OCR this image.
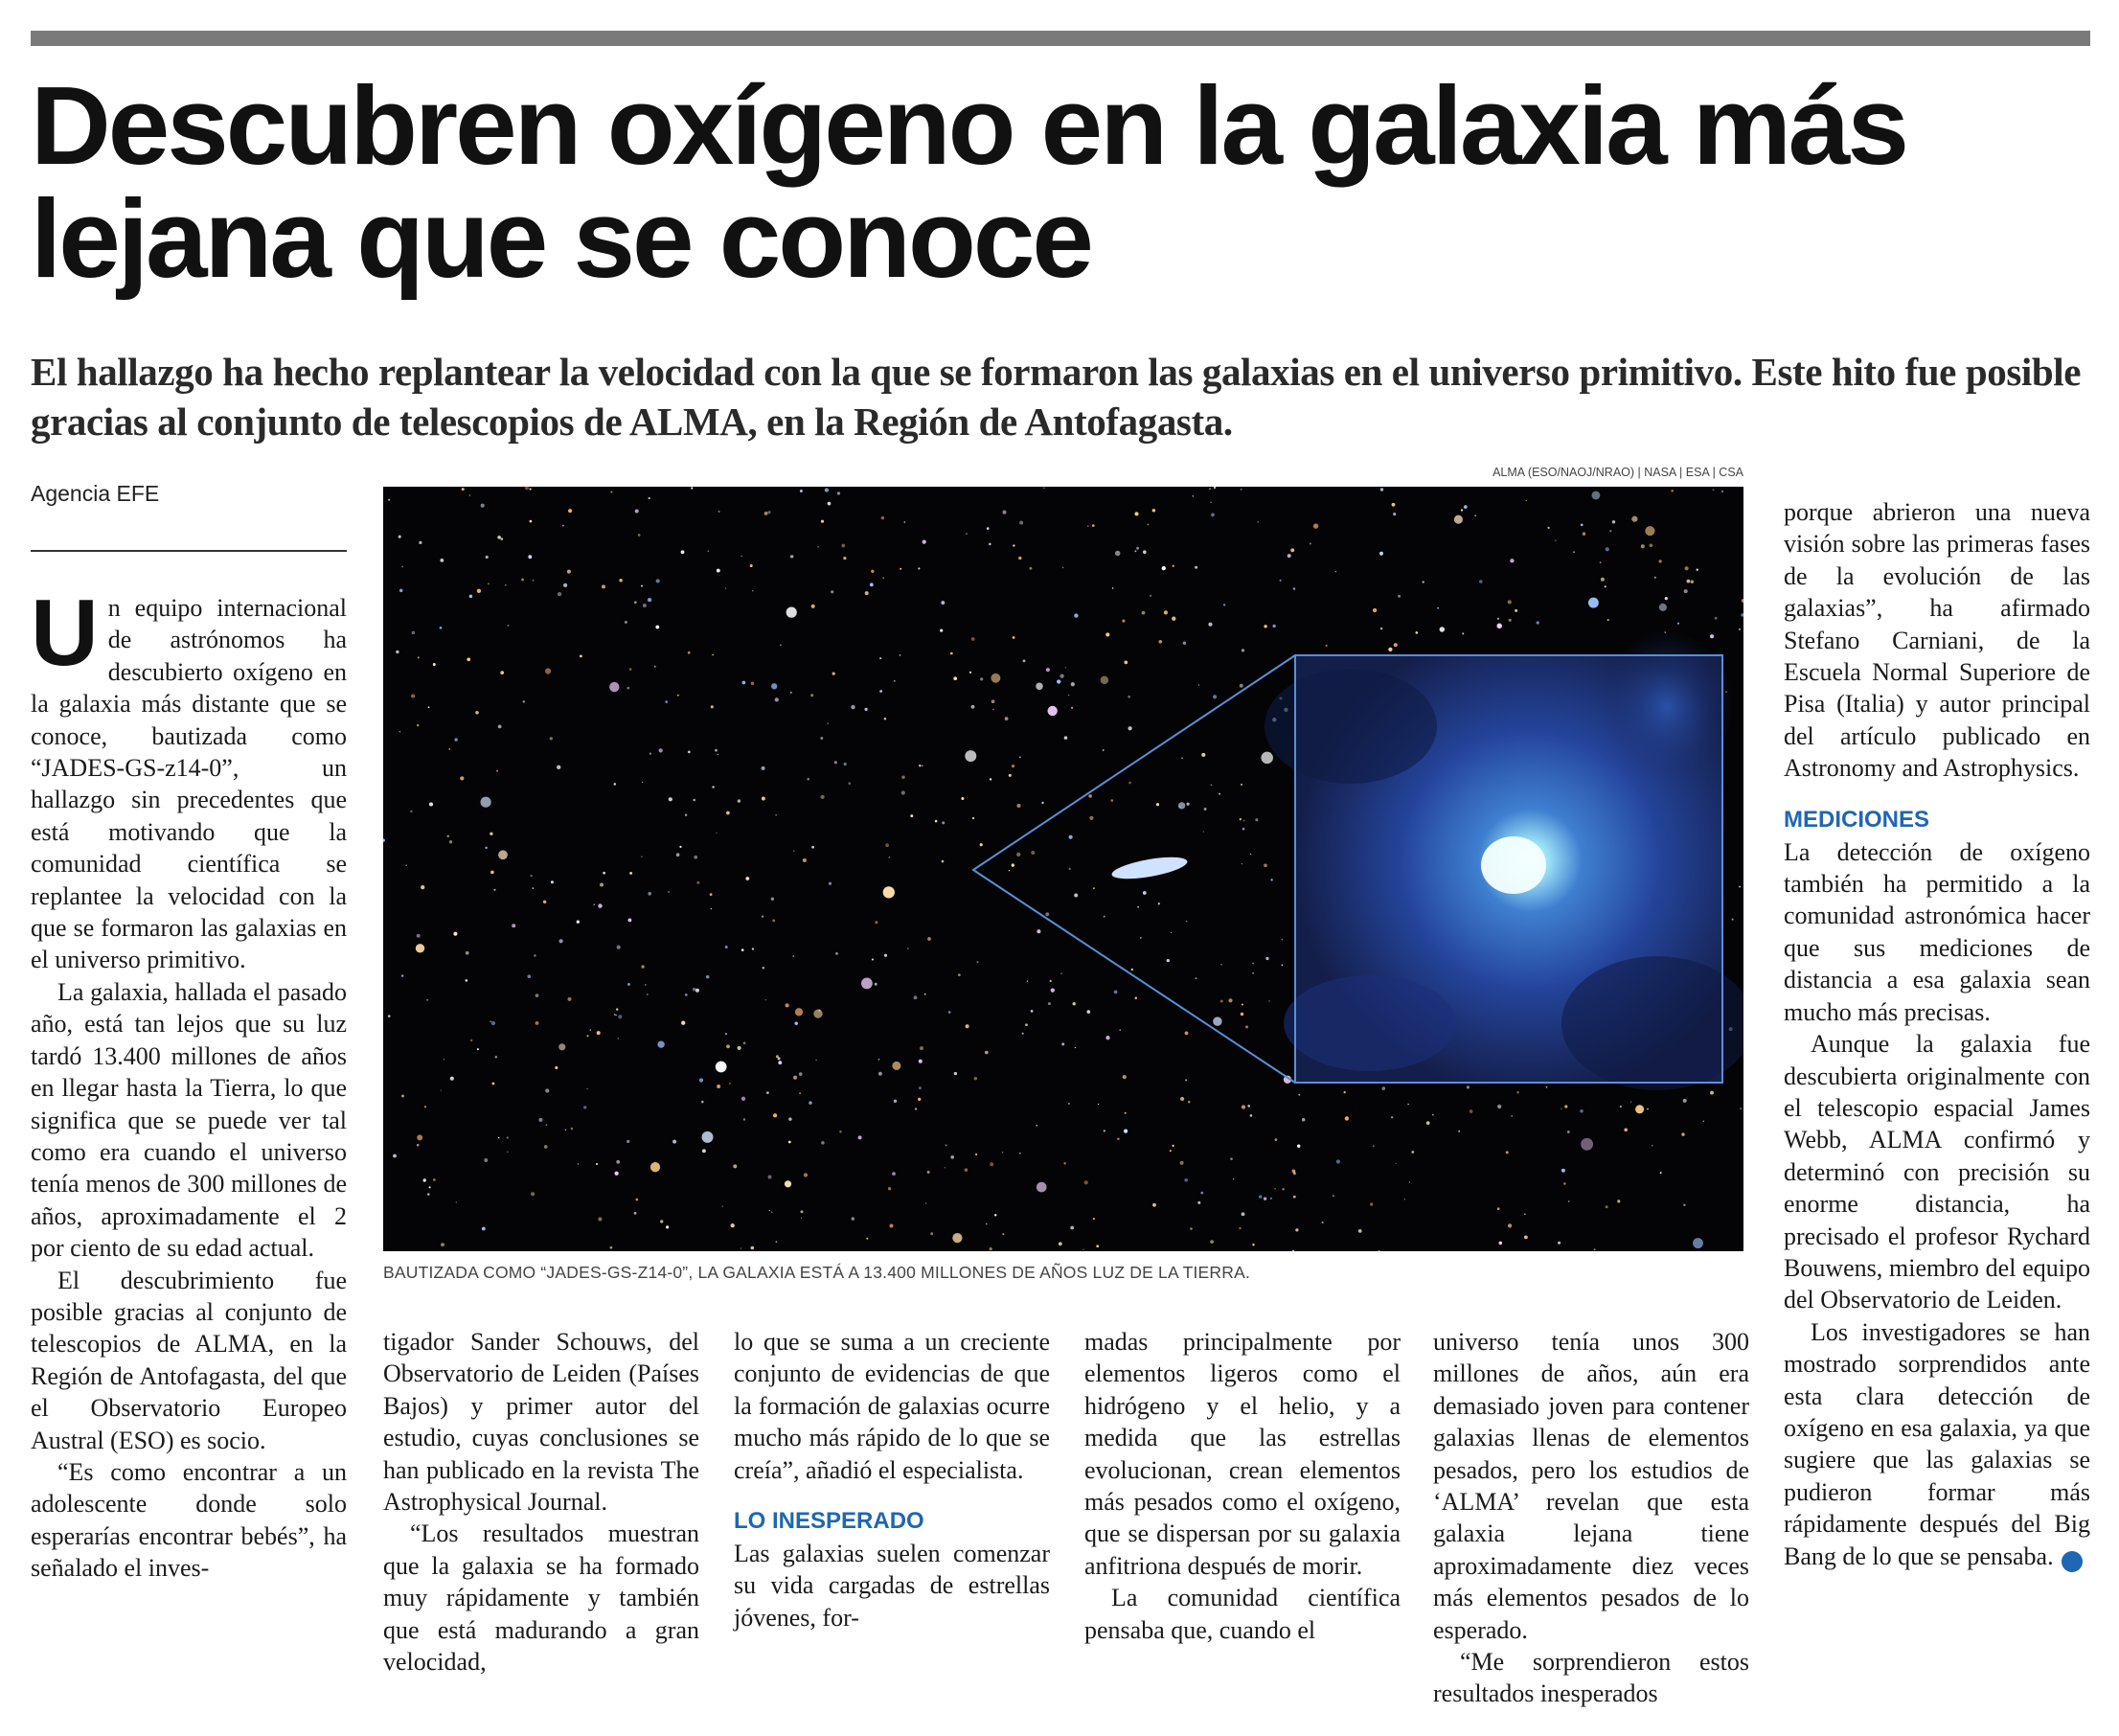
Descubren oxígeno en la galaxia más
lejana que se conoce
El hallazgo ha hecho replantear la velocidad con la que se formaron las galaxias en el universo primitivo. Este hito fue posible gracias al conjunto de telescopios de ALMA, en la Región de Antofagasta.
Agencia EFE

Un equipo internacional de astrónomos ha descubierto oxígeno en la galaxia más distante que se conoce, bautizada como “JADES-GS-z14-0”, un hallazgo sin precedentes que está motivando que la comunidad científica se replantee la velocidad con la que se formaron las galaxias en el universo primitivo.

La galaxia, hallada el pasado año, está tan lejos que su luz tardó 13.400 millones de años en llegar hasta la Tierra, lo que significa que se puede ver tal como era cuando el universo tenía menos de 300 millones de años, aproximadamente el 2 por ciento de su edad actual.

El descubrimiento fue posible gracias al conjunto de telescopios de ALMA, en la Región de Antofagasta, del que el Observatorio Europeo Austral (ESO) es socio.

“Es como encontrar a un adolescente donde solo esperarías encontrar bebés”, ha señalado el inves-

ALMA (ESO/NAOJ/NRAO) | NASA | ESA | CSA
BAUTIZADA COMO “JADES-GS-Z14-0”, LA GALAXIA ESTÁ A 13.400 MILLONES DE AÑOS LUZ DE LA TIERRA.

tigador Sander Schouws, del Observatorio de Leiden (Países Bajos) y primer autor del estudio, cuyas conclusiones se han publicado en la revista The Astrophysical Journal.

“Los resultados muestran que la galaxia se ha formado muy rápidamente y también que está madurando a gran velocidad,

lo que se suma a un creciente conjunto de evidencias de que la formación de galaxias ocurre mucho más rápido de lo que se creía”, añadió el especialista.

LO INESPERADO

Las galaxias suelen comenzar su vida cargadas de estrellas jóvenes, for-

madas principalmente por elementos ligeros como el hidrógeno y el helio, y a medida que las estrellas evolucionan, crean elementos más pesados como el oxígeno, que se dispersan por su galaxia anfitriona después de morir.

La comunidad científica pensaba que, cuando el

universo tenía unos 300 millones de años, aún era demasiado joven para contener galaxias llenas de elementos pesados, pero los estudios de ‘ALMA’ revelan que esta galaxia lejana tiene aproximadamente diez veces más elementos pesados de lo esperado.

“Me sorprendieron estos resultados inesperados

porque abrieron una nueva visión sobre las primeras fases de la evolución de las galaxias”, ha afirmado Stefano Carniani, de la Escuela Normal Superiore de Pisa (Italia) y autor principal del artículo publicado en Astronomy and Astrophysics.

MEDICIONES

La detección de oxígeno también ha permitido a la comunidad astronómica hacer que sus mediciones de distancia a esa galaxia sean mucho más precisas.

Aunque la galaxia fue descubierta originalmente con el telescopio espacial James Webb, ALMA confirmó y determinó con precisión su enorme distancia, ha precisado el profesor Rychard Bouwens, miembro del equipo del Observatorio de Leiden.

Los investigadores se han mostrado sorprendidos ante esta clara detección de oxígeno en esa galaxia, ya que sugiere que las galaxias se pudieron formar más rápidamente después del Big Bang de lo que se pensaba. ✪
